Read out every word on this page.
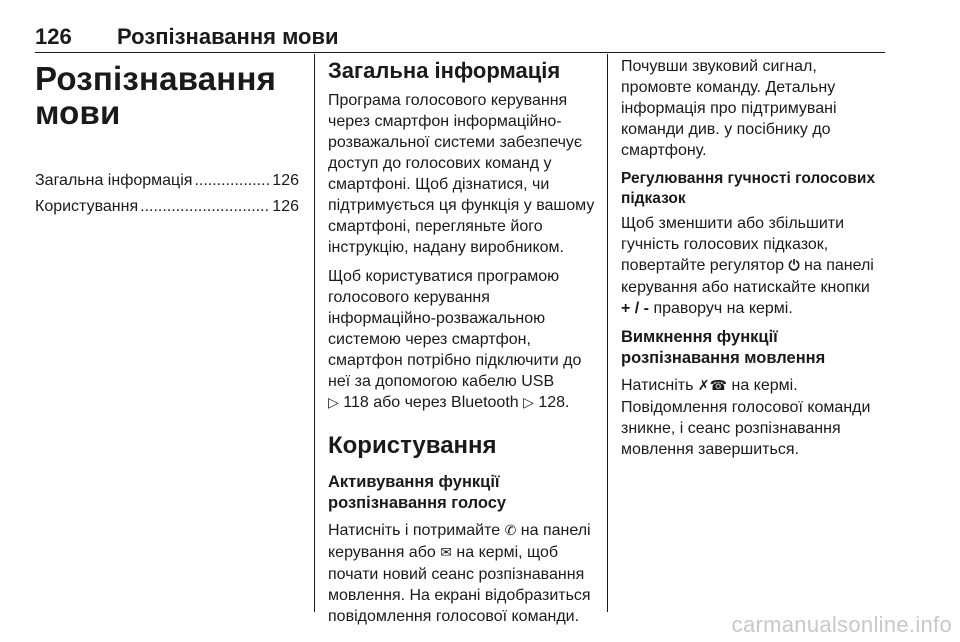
126 Розпізнавання мови
Розпізнавання
мови
Загальна інформація .....	126
Користування .....	126
Загальна інформація

Програма голосового керування через смартфон інформаційно-розважальної системи забезпечує доступ до голосових команд у смартфоні. Щоб дізнатися, чи підтримується ця функція у вашому смартфоні, перегляньте його інструкцію, надану виробником.

Щоб користуватися програмою голосового керування інформаційно-розважальною системою через смартфон, смартфон потрібно підключити до неї за допомогою кабелю USB
▷ 118 або через Bluetooth ▷ 128.

Користування
Активування функції розпізнавання голосу

Натисніть і потримайте ✆ на панелі керування або ✉ на кермі, щоб почати новий сеанс розпізнавання мовлення. На екрані відобразиться повідомлення голосової команди.

Почувши звуковий сигнал, промовте команду. Детальну інформація про підтримувані команди див. у посібнику до смартфону.

Регулювання гучності голосових підказок

Щоб зменшити або збільшити гучність голосових підказок, повертайте регулятор ⏻ на панелі керування або натискайте кнопки
+ / - праворуч на кермі.

Вимкнення функції розпізнавання мовлення

Натисніть ✗☎ на кермі.

Повідомлення голосової команди зникне, і сеанс розпізнавання мовлення завершиться.

carmanualsonline.info
